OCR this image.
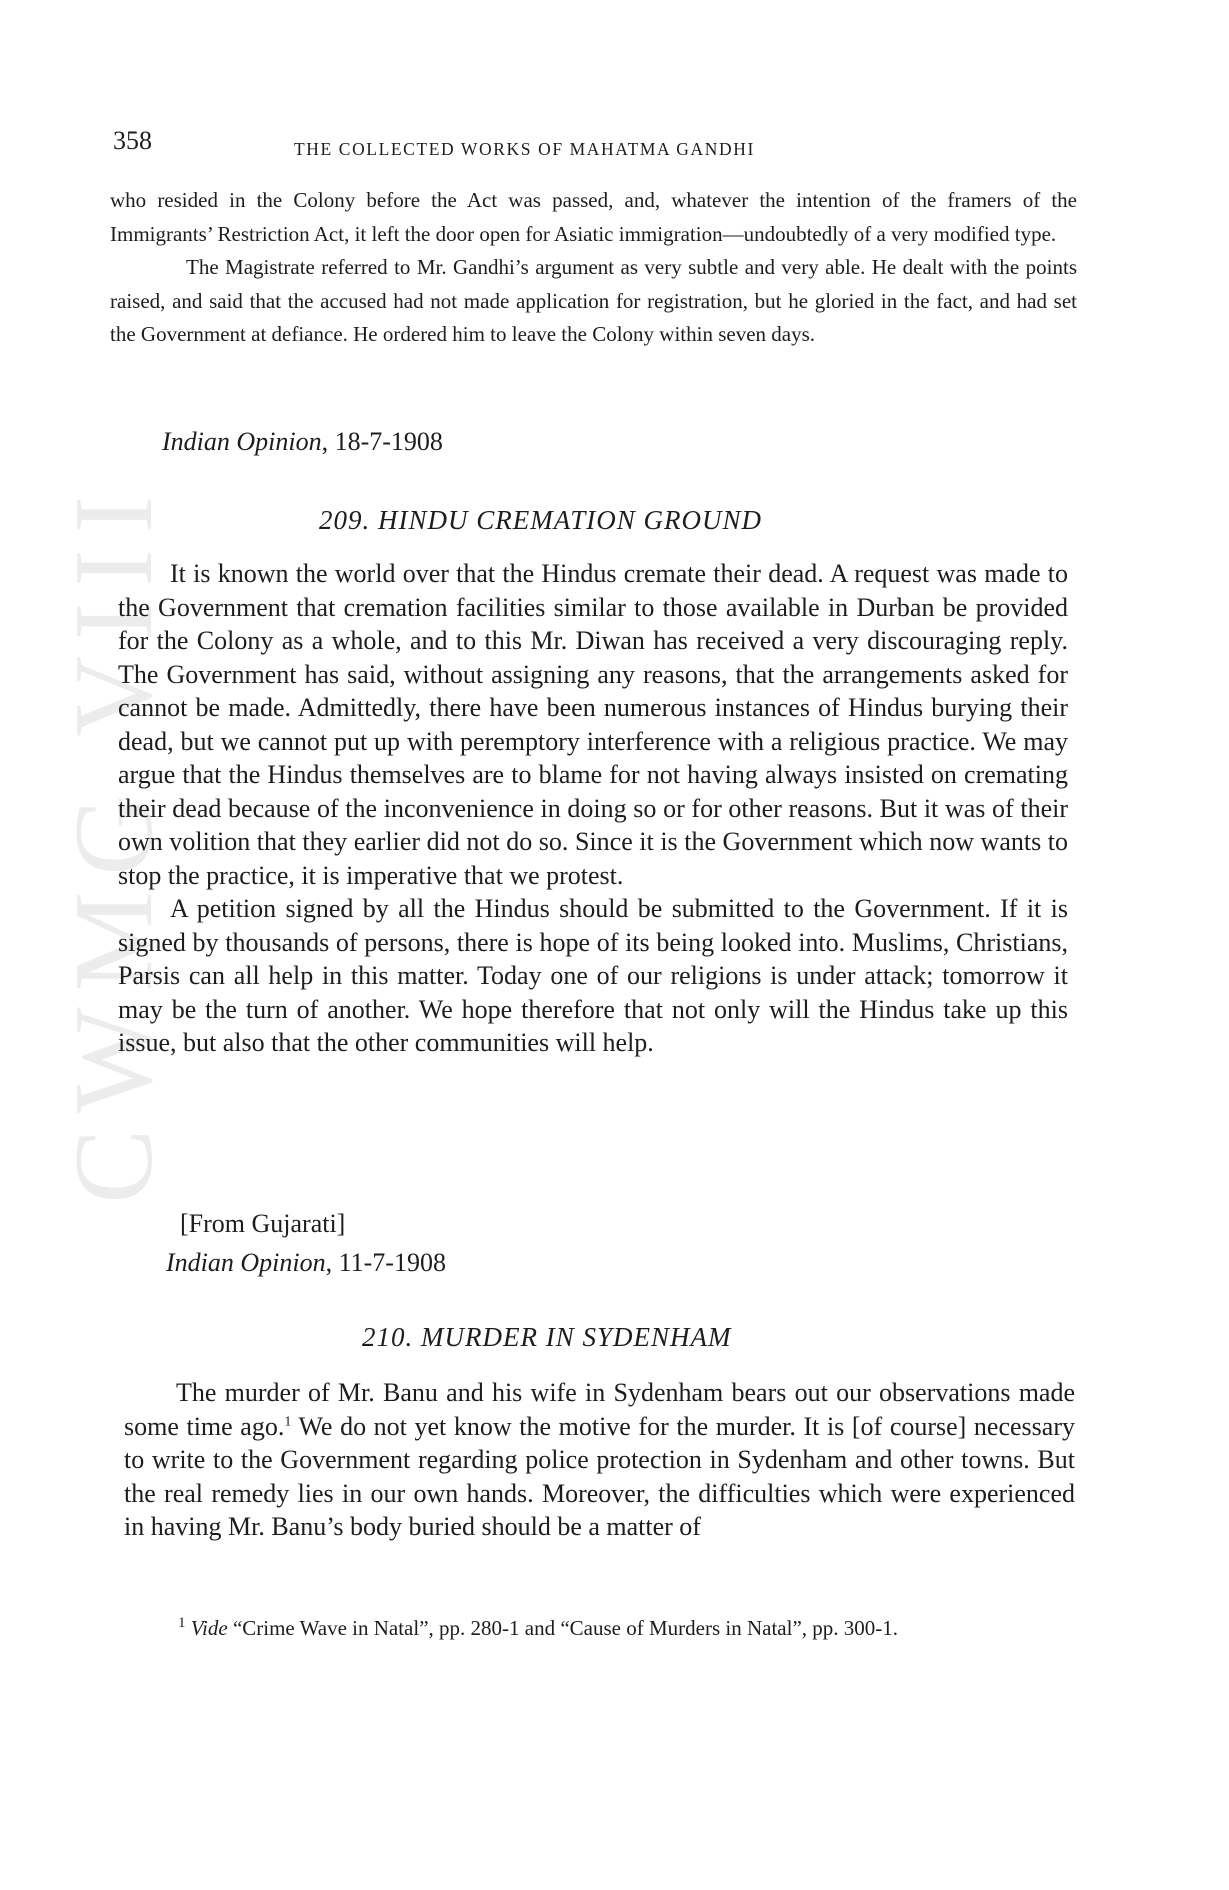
CWMG VIII
358	THE COLLECTED WORKS OF MAHATMA GANDHI

who resided in the Colony before the Act was passed, and, whatever the intention of the framers of the Immigrants’ Restriction Act, it left the door open for Asiatic immigration—undoubtedly of a very modified type.

The Magistrate referred to Mr. Gandhi’s argument as very subtle and very able. He dealt with the points raised, and said that the accused had not made application for registration, but he gloried in the fact, and had set the Government at defiance. He ordered him to leave the Colony within seven days.

Indian Opinion, 18-7-1908
209. HINDU CREMATION GROUND

It is known the world over that the Hindus cremate their dead. A request was made to the Government that cremation facilities similar to those available in Durban be provided for the Colony as a whole, and to this Mr. Diwan has received a very discouraging reply. The Government has said, without assigning any reasons, that the arrangements asked for cannot be made. Admittedly, there have been numerous instances of Hindus burying their dead, but we cannot put up with peremptory interference with a religious practice. We may argue that the Hindus themselves are to blame for not having always insisted on cremating their dead because of the inconvenience in doing so or for other reasons. But it was of their own volition that they earlier did not do so. Since it is the Government which now wants to stop the practice, it is imperative that we protest.

A petition signed by all the Hindus should be submitted to the Government. If it is signed by thousands of persons, there is hope of its being looked into. Muslims, Christians, Parsis can all help in this matter. Today one of our religions is under attack; tomorrow it may be the turn of another. We hope therefore that not only will the Hindus take up this issue, but also that the other communities will help.

[From Gujarati]
Indian Opinion, 11-7-1908
210. MURDER IN SYDENHAM

The murder of Mr. Banu and his wife in Sydenham bears out our observations made some time ago.$^1$ We do not yet know the motive for the murder. It is [of course] necessary to write to the Government regarding police protection in Sydenham and other towns. But the real remedy lies in our own hands. Moreover, the difficulties which were experienced in having Mr. Banu’s body buried should be a matter of

$^1$ Vide “Crime Wave in Natal”, pp. 280-1 and “Cause of Murders in Natal”, pp. 300-1.
